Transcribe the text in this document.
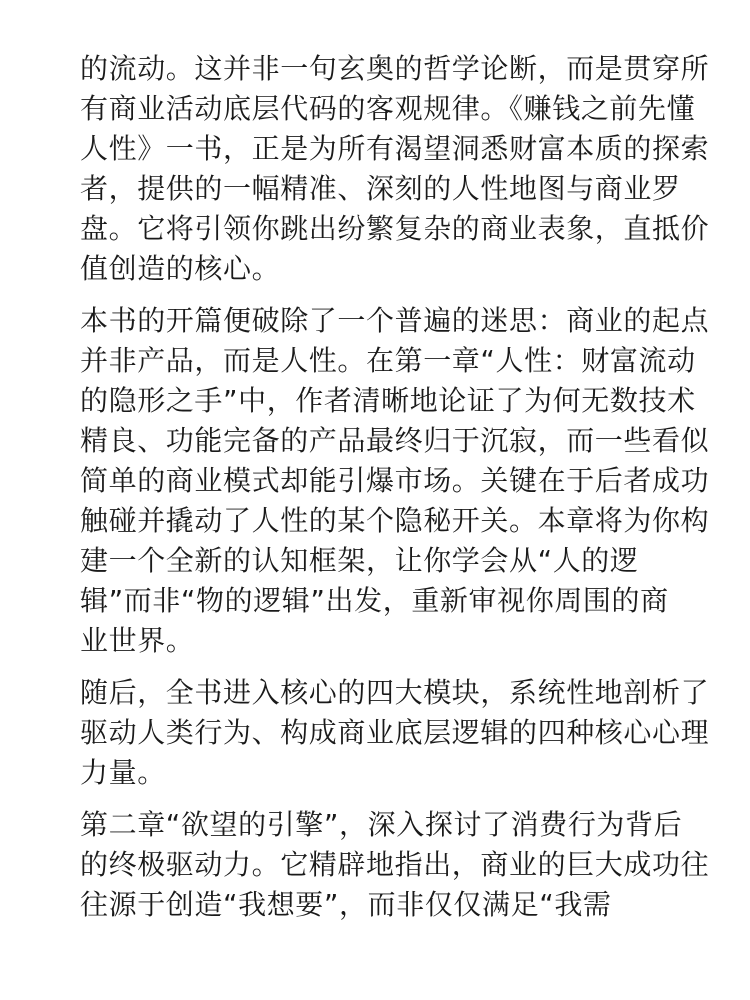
的流动。这并非一句玄奥的哲学论断，而是贯穿所
有商业活动底层代码的客观规律。《赚钱之前先懂
人性》一书，正是为所有渴望洞悉财富本质的探索
者，提供的一幅精准、深刻的人性地图与商业罗
盘。它将引领你跳出纷繁复杂的商业表象，直抵价
值创造的核心。
本书的开篇便破除了一个普遍的迷思：商业的起点
并非产品，而是人性。在第一章“人性：财富流动
的隐形之手”中，作者清晰地论证了为何无数技术
精良、功能完备的产品最终归于沉寂，而一些看似
简单的商业模式却能引爆市场。关键在于后者成功
触碰并撬动了人性的某个隐秘开关。本章将为你构
建一个全新的认知框架，让你学会从“人的逻
辑”而非“物的逻辑”出发，重新审视你周围的商
业世界。
随后，全书进入核心的四大模块，系统性地剖析了
驱动人类行为、构成商业底层逻辑的四种核心心理
力量。
第二章“欲望的引擎”，深入探讨了消费行为背后
的终极驱动力。它精辟地指出，商业的巨大成功往
往源于创造“我想要”，而非仅仅满足“我需
